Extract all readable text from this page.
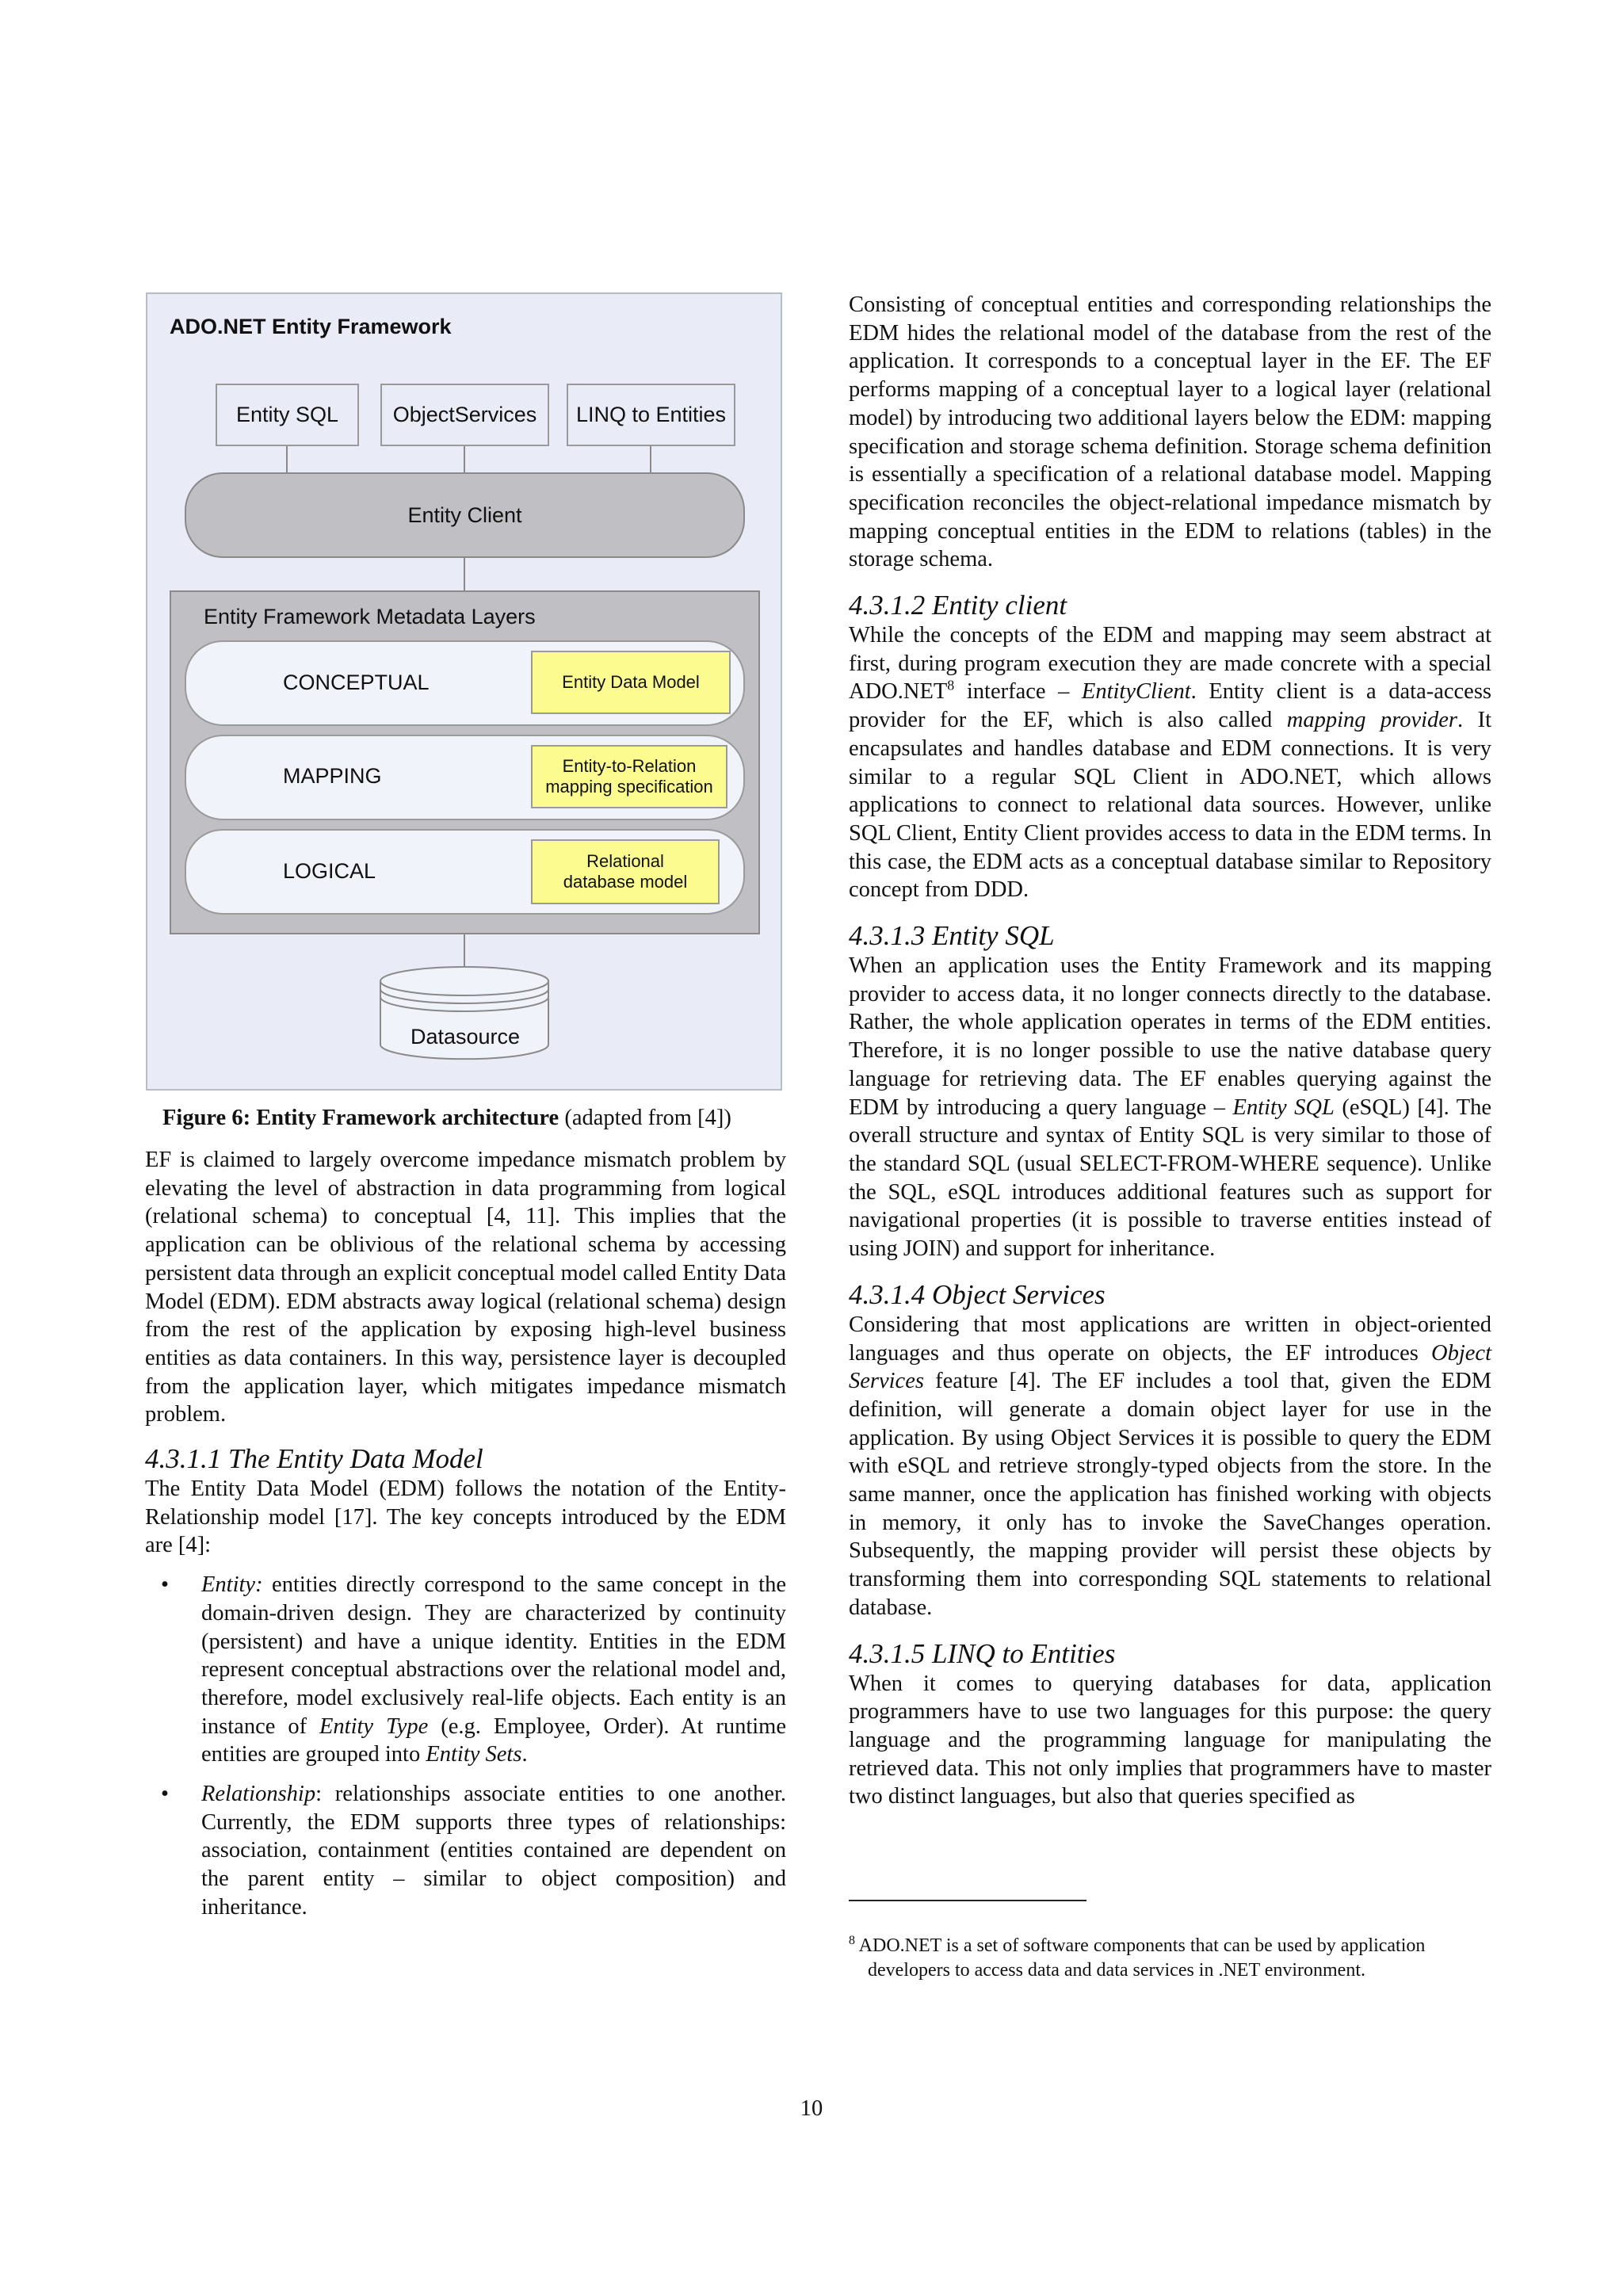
ADO.NET Entity Framework
Entity SQL	ObjectServices	LINQ to Entities
Entity Client
Entity Framework Metadata Layers
CONCEPTUAL	Entity Data Model
MAPPING	Entity-to-Relation mapping specification
LOGICAL	Relational database model
Datasource
Figure 6: Entity Framework architecture (adapted from [4])

EF is claimed to largely overcome impedance mismatch problem by elevating the level of abstraction in data programming from logical (relational schema) to conceptual [4, 11]. This implies that the application can be oblivious of the relational schema by accessing persistent data through an explicit conceptual model called Entity Data Model (EDM). EDM abstracts away logical (relational schema) design from the rest of the application by exposing high-level business entities as data containers. In this way, persistence layer is decoupled from the application layer, which mitigates impedance mismatch problem.

4.3.1.1 The Entity Data Model

The Entity Data Model (EDM) follows the notation of the Entity-Relationship model [17]. The key concepts introduced by the EDM are [4]:

• Entity: entities directly correspond to the same concept in the domain-driven design. They are characterized by continuity (persistent) and have a unique identity. Entities in the EDM represent conceptual abstractions over the relational model and, therefore, model exclusively real-life objects. Each entity is an instance of Entity Type (e.g. Employee, Order). At runtime entities are grouped into Entity Sets.
• Relationship: relationships associate entities to one another. Currently, the EDM supports three types of relationships: association, containment (entities contained are dependent on the parent entity – similar to object composition) and inheritance.

Consisting of conceptual entities and corresponding relationships the EDM hides the relational model of the database from the rest of the application. It corresponds to a conceptual layer in the EF. The EF performs mapping of a conceptual layer to a logical layer (relational model) by introducing two additional layers below the EDM: mapping specification and storage schema definition. Storage schema definition is essentially a specification of a relational database model. Mapping specification reconciles the object-relational impedance mismatch by mapping conceptual entities in the EDM to relations (tables) in the storage schema.

4.3.1.2 Entity client

While the concepts of the EDM and mapping may seem abstract at first, during program execution they are made concrete with a special ADO.NET$^8$ interface – EntityClient. Entity client is a data-access provider for the EF, which is also called mapping provider. It encapsulates and handles database and EDM connections. It is very similar to a regular SQL Client in ADO.NET, which allows applications to connect to relational data sources. However, unlike SQL Client, Entity Client provides access to data in the EDM terms. In this case, the EDM acts as a conceptual database similar to Repository concept from DDD.

4.3.1.3 Entity SQL

When an application uses the Entity Framework and its mapping provider to access data, it no longer connects directly to the database. Rather, the whole application operates in terms of the EDM entities. Therefore, it is no longer possible to use the native database query language for retrieving data. The EF enables querying against the EDM by introducing a query language – Entity SQL (eSQL) [4]. The overall structure and syntax of Entity SQL is very similar to those of the standard SQL (usual SELECT-FROM-WHERE sequence). Unlike the SQL, eSQL introduces additional features such as support for navigational properties (it is possible to traverse entities instead of using JOIN) and support for inheritance.

4.3.1.4 Object Services

Considering that most applications are written in object-oriented languages and thus operate on objects, the EF introduces Object Services feature [4]. The EF includes a tool that, given the EDM definition, will generate a domain object layer for use in the application. By using Object Services it is possible to query the EDM with eSQL and retrieve strongly-typed objects from the store. In the same manner, once the application has finished working with objects in memory, it only has to invoke the SaveChanges operation. Subsequently, the mapping provider will persist these objects by transforming them into corresponding SQL statements to relational database.

4.3.1.5 LINQ to Entities

When it comes to querying databases for data, application programmers have to use two languages for this purpose: the query language and the programming language for manipulating the retrieved data. This not only implies that programmers have to master two distinct languages, but also that queries specified as

$^8$ ADO.NET is a set of software components that can be used by application developers to access data and data services in .NET environment.
10
